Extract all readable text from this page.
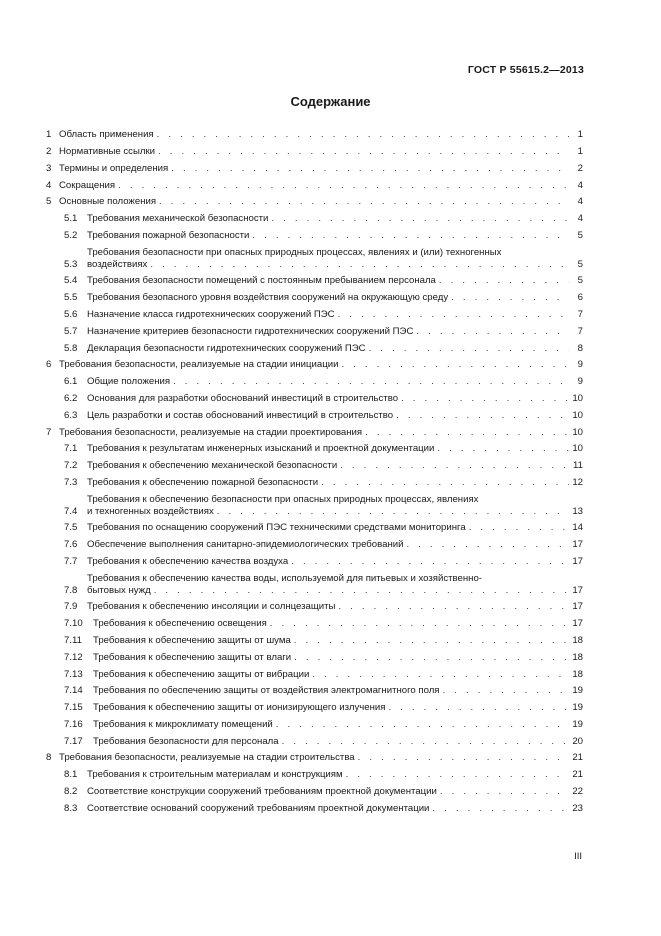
ГОСТ Р 55615.2—2013
Содержание
1 Область применения . . .	1
2 Нормативные ссылки . . .	1
3 Термины и определения . . .	2
4 Сокращения . . .	4
5 Основные положения . . .	4
5.1	Требования механической безопасности . . .	4
5.2	Требования пожарной безопасности . . .	5
5.3
Требования безопасности при опасных природных процессах, явлениях и (или) техногенных
воздействиях . . .	5
5.4	Требования безопасности помещений с постоянным пребыванием персонала . . .	5
5.5	Требования безопасного уровня воздействия сооружений на окружающую среду . . .	6
5.6	Назначение класса гидротехнических сооружений ПЭС . . .	7
5.7	Назначение критериев безопасности гидротехнических сооружений ПЭС . . .	7
5.8	Декларация безопасности гидротехнических сооружений ПЭС . . .	8
6 Требования безопасности, реализуемые на стадии инициации . . .	9
6.1	Общие положения . . .	9
6.2	Основания для разработки обоснований инвестиций в строительство . . .	10
6.3	Цель разработки и состав обоснований инвестиций в строительство . . .	10
7 Требования безопасности, реализуемые на стадии проектирования . . .	10
7.1	Требования к результатам инженерных изысканий и проектной документации . . .	10
7.2	Требования к обеспечению механической безопасности . . .	11
7.3	Требования к обеспечению пожарной безопасности . . .	12
7.4
Требования к обеспечению безопасности при опасных природных процессах, явлениях
и техногенных воздействиях . . .	13
7.5	Требования по оснащению сооружений ПЭС техническими средствами мониторинга . . .	14
7.6	Обеспечение выполнения санитарно-эпидемиологических требований . . .	17
7.7	Требования к обеспечению качества воздуха . . .	17
7.8
Требования к обеспечению качества воды, используемой для питьевых и хозяйственно-
бытовых нужд . . .	17
7.9	Требования к обеспечению инсоляции и солнцезащиты . . .	17
7.10	Требования к обеспечению освещения . . .	17
7.11	Требования к обеспечению защиты от шума . . .	18
7.12	Требования к обеспечению защиты от влаги . . .	18
7.13	Требования к обеспечению защиты от вибрации . . .	18
7.14	Требования по обеспечению защиты от воздействия электромагнитного поля . . .	19
7.15	Требования к обеспечению защиты от ионизирующего излучения . . .	19
7.16	Требования к микроклимату помещений . . .	19
7.17	Требования безопасности для персонала . . .	20
8 Требования безопасности, реализуемые на стадии строительства . . .	21
8.1	Требования к строительным материалам и конструкциям . . .	21
8.2	Соответствие конструкции сооружений требованиям проектной документации . . .	22
8.3	Соответствие оснований сооружений требованиям проектной документации . . .	23
III
